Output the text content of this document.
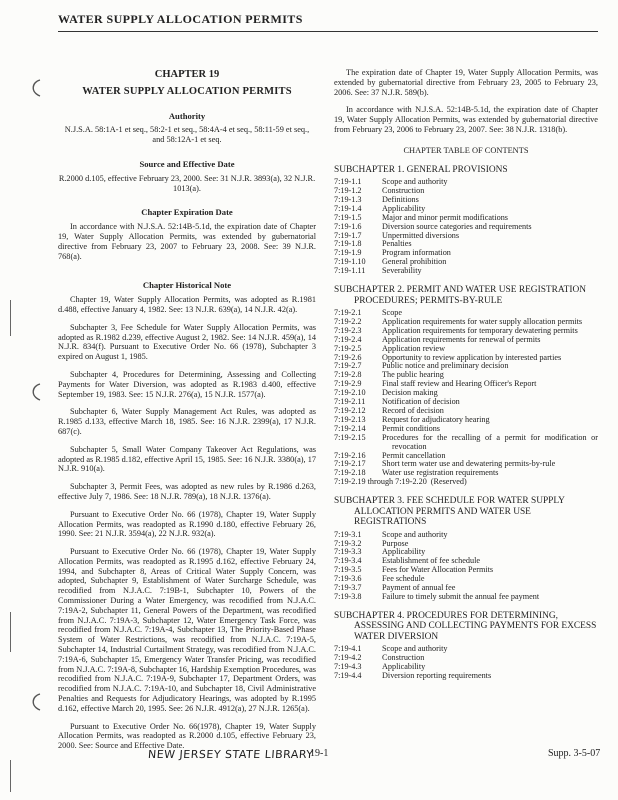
WATER SUPPLY ALLOCATION PERMITS
CHAPTER 19
WATER SUPPLY ALLOCATION PERMITS
Authority
N.J.S.A. 58:1A-1 et seq., 58:2-1 et seq., 58:4A-4 et seq., 58:11-59 et seq., and 58:12A-1 et seq.
Source and Effective Date
R.2000 d.105, effective February 23, 2000. See: 31 N.J.R. 3893(a), 32 N.J.R. 1013(a).
Chapter Expiration Date

In accordance with N.J.S.A. 52:14B-5.1d, the expiration date of Chapter 19, Water Supply Allocation Permits, was extended by gubernatorial directive from February 23, 2007 to February 23, 2008. See: 39 N.J.R. 768(a).

Chapter Historical Note

Chapter 19, Water Supply Allocation Permits, was adopted as R.1981 d.488, effective January 4, 1982. See: 13 N.J.R. 639(a), 14 N.J.R. 42(a).

Subchapter 3, Fee Schedule for Water Supply Allocation Permits, was adopted as R.1982 d.239, effective August 2, 1982. See: 14 N.J.R. 459(a), 14 N.J.R. 834(f). Pursuant to Executive Order No. 66 (1978), Subchapter 3 expired on August 1, 1985.

Subchapter 4, Procedures for Determining, Assessing and Collecting Payments for Water Diversion, was adopted as R.1983 d.400, effective September 19, 1983. See: 15 N.J.R. 276(a), 15 N.J.R. 1577(a).

Subchapter 6, Water Supply Management Act Rules, was adopted as R.1985 d.133, effective March 18, 1985. See: 16 N.J.R. 2399(a), 17 N.J.R. 687(c).

Subchapter 5, Small Water Company Takeover Act Regulations, was adopted as R.1985 d.182, effective April 15, 1985. See: 16 N.J.R. 3380(a), 17 N.J.R. 910(a).

Subchapter 3, Permit Fees, was adopted as new rules by R.1986 d.263, effective July 7, 1986. See: 18 N.J.R. 789(a), 18 N.J.R. 1376(a).

Pursuant to Executive Order No. 66 (1978), Chapter 19, Water Supply Allocation Permits, was readopted as R.1990 d.180, effective February 26, 1990. See: 21 N.J.R. 3594(a), 22 N.J.R. 932(a).

Pursuant to Executive Order No. 66 (1978), Chapter 19, Water Supply Allocation Permits, was readopted as R.1995 d.162, effective February 24, 1994, and Subchapter 8, Areas of Critical Water Supply Concern, was adopted, Subchapter 9, Establishment of Water Surcharge Schedule, was recodified from N.J.A.C. 7:19B-1, Subchapter 10, Powers of the Commissioner During a Water Emergency, was recodified from N.J.A.C. 7:19A-2, Subchapter 11, General Powers of the Department, was recodified from N.J.A.C. 7:19A-3, Subchapter 12, Water Emergency Task Force, was recodified from N.J.A.C. 7:19A-4, Subchapter 13, The Priority-Based Phase System of Water Restrictions, was recodified from N.J.A.C. 7:19A-5, Subchapter 14, Industrial Curtailment Strategy, was recodified from N.J.A.C. 7:19A-6, Subchapter 15, Emergency Water Transfer Pricing, was recodified from N.J.A.C. 7:19A-8, Subchapter 16, Hardship Exemption Procedures, was recodified from N.J.A.C. 7:19A-9, Subchapter 17, Department Orders, was recodified from N.J.A.C. 7:19A-10, and Subchapter 18, Civil Administrative Penalties and Requests for Adjudicatory Hearings, was adopted by R.1995 d.162, effective March 20, 1995. See: 26 N.J.R. 4912(a), 27 N.J.R. 1265(a).

Pursuant to Executive Order No. 66(1978), Chapter 19, Water Supply Allocation Permits, was readopted as R.2000 d.105, effective February 23, 2000. See: Source and Effective Date.

The expiration date of Chapter 19, Water Supply Allocation Permits, was extended by gubernatorial directive from February 23, 2005 to February 23, 2006. See: 37 N.J.R. 589(b).

In accordance with N.J.S.A. 52:14B-5.1d, the expiration date of Chapter 19, Water Supply Allocation Permits, was extended by gubernatorial directive from February 23, 2006 to February 23, 2007. See: 38 N.J.R. 1318(b).

CHAPTER TABLE OF CONTENTS
SUBCHAPTER 1. GENERAL PROVISIONS
7:19-1.1	Scope and authority
7:19-1.2	Construction
7:19-1.3	Definitions
7:19-1.4	Applicability
7:19-1.5	Major and minor permit modifications
7:19-1.6	Diversion source categories and requirements
7:19-1.7	Unpermitted diversions
7:19-1.8	Penalties
7:19-1.9	Program information
7:19-1.10	General prohibition
7:19-1.11	Severability
SUBCHAPTER 2. PERMIT AND WATER USE REGISTRATION PROCEDURES; PERMITS-BY-RULE
7:19-2.1	Scope
7:19-2.2	Application requirements for water supply allocation permits
7:19-2.3	Application requirements for temporary dewatering permits
7:19-2.4	Application requirements for renewal of permits
7:19-2.5	Application review
7:19-2.6	Opportunity to review application by interested parties
7:19-2.7	Public notice and preliminary decision
7:19-2.8	The public hearing
7:19-2.9	Final staff review and Hearing Officer's Report
7:19-2.10	Decision making
7:19-2.11	Notification of decision
7:19-2.12	Record of decision
7:19-2.13	Request for adjudicatory hearing
7:19-2.14	Permit conditions
7:19-2.15	Procedures for the recalling of a permit for modification or revocation
7:19-2.16	Permit cancellation
7:19-2.17	Short term water use and dewatering permits-by-rule
7:19-2.18	Water use registration requirements
7:19-2.19 through 7:19-2.20 (Reserved)
SUBCHAPTER 3. FEE SCHEDULE FOR WATER SUPPLY ALLOCATION PERMITS AND WATER USE REGISTRATIONS
7:19-3.1	Scope and authority
7:19-3.2	Purpose
7:19-3.3	Applicability
7:19-3.4	Establishment of fee schedule
7:19-3.5	Fees for Water Allocation Permits
7:19-3.6	Fee schedule
7:19-3.7	Payment of annual fee
7:19-3.8	Failure to timely submit the annual fee payment
SUBCHAPTER 4. PROCEDURES FOR DETERMINING, ASSESSING AND COLLECTING PAYMENTS FOR EXCESS WATER DIVERSION
7:19-4.1	Scope and authority
7:19-4.2	Construction
7:19-4.3	Applicability
7:19-4.4	Diversion reporting requirements
NEW JERSEY STATE LIBRARY
19-1	Supp. 3-5-07
